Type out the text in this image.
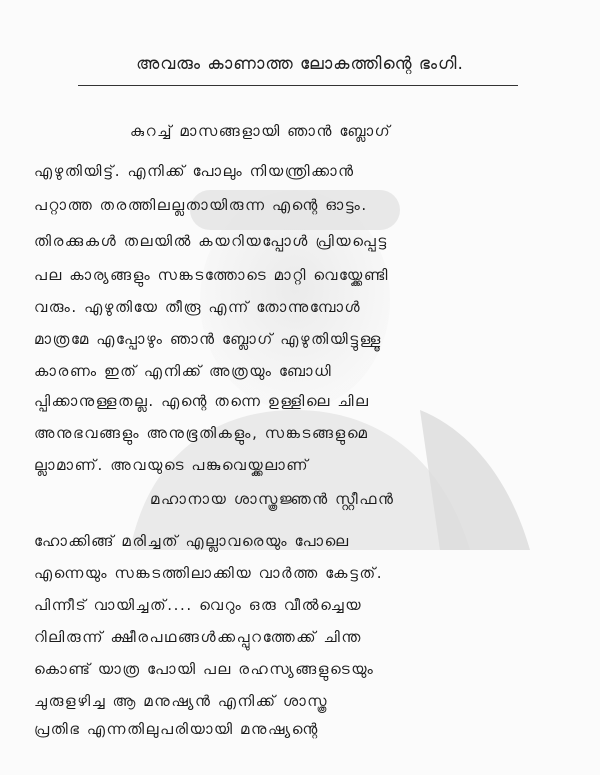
അവരും കാണാത്ത ലോകത്തിന്റെ ഭംഗി.
കുറച്ച് മാസങ്ങളായി ഞാൻ ബ്ലോഗ്
എഴുതിയിട്ട്. എനിക്ക് പോലും നിയന്ത്രിക്കാൻ
പറ്റാത്ത തരത്തിലല്ലതായിരുന്ന എന്റെ ഓട്ടം.
തിരക്കുകൾ തലയിൽ കയറിയപ്പോൾ പ്രിയപ്പെട്ട
പല കാര്യങ്ങളും സങ്കടത്തോടെ മാറ്റി വെയ്ക്കേണ്ടി
വരും. എഴുതിയേ തീരൂ എന്ന് തോന്നുമ്പോൾ
മാത്രമേ എപ്പോഴും ഞാൻ ബ്ലോഗ് എഴുതിയിട്ടുള്ളൂ
കാരണം ഇത് എനിക്ക് അത്രയും ബോധി
പ്പിക്കാനുള്ളതല്ല. എന്റെ തന്നെ ഉള്ളിലെ ചില
അനുഭവങ്ങളും അനുഭൂതികളും, സങ്കടങ്ങളുമെ
ല്ലാമാണ്. അവയുടെ പങ്കുവെയ്ക്കലാണ്
മഹാനായ ശാസ്ത്രജ്ഞൻ സ്റ്റീഫൻ
ഹോക്കിങ്ങ് മരിച്ചത് എല്ലാവരെയും പോലെ
എന്നെയും സങ്കടത്തിലാക്കിയ വാർത്ത കേട്ടത്.
പിന്നീട് വായിച്ചത്.... വെറും ഒരു വീൽച്ചെയ
റിലിരുന്ന് ക്ഷീരപഥങ്ങൾക്കപ്പുറത്തേക്ക് ചിന്ത
കൊണ്ട് യാത്ര പോയി പല രഹസ്യങ്ങളുടെയും
ചുരുളഴിച്ച ആ മനുഷ്യൻ എനിക്ക് ശാസ്ത്ര
പ്രതിഭ എന്നതിലുപരിയായി മനുഷ്യന്റെ
